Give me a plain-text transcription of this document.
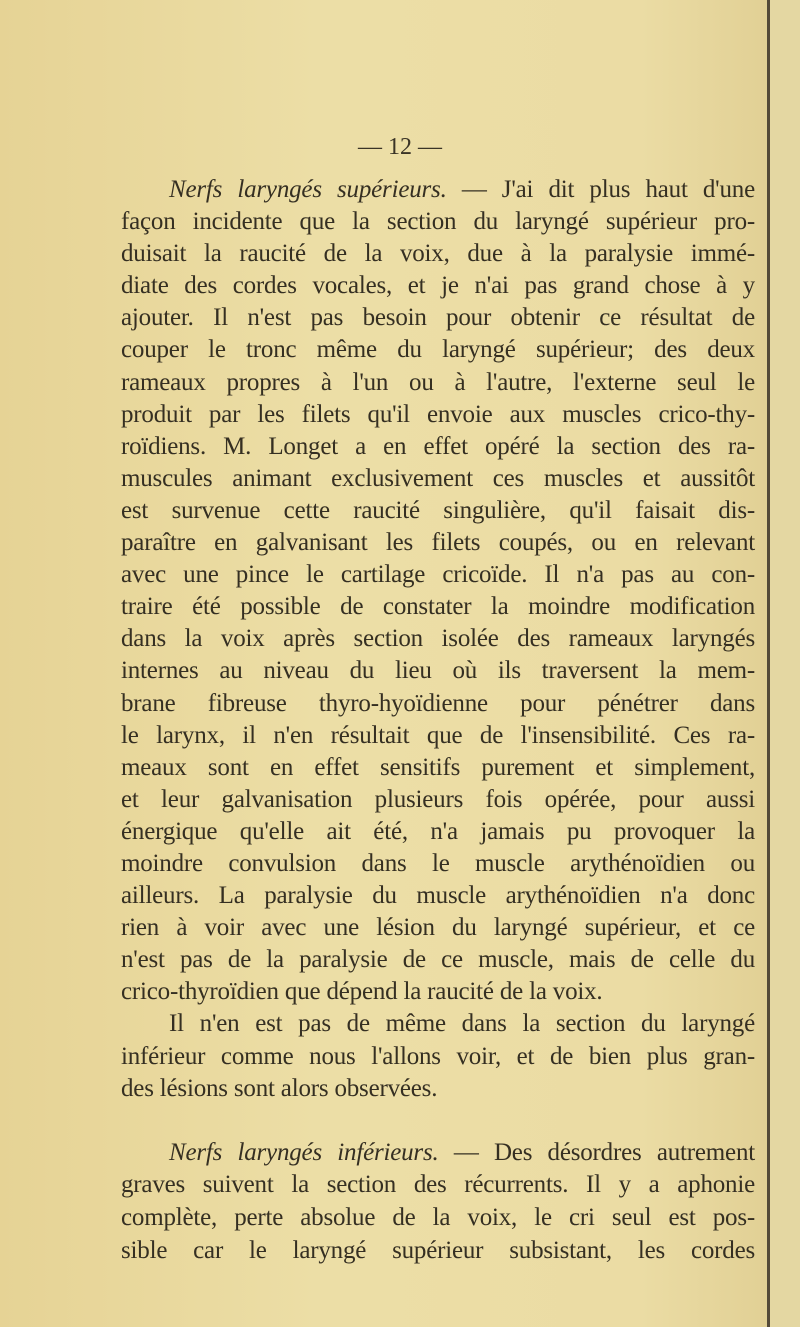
— 12 —
Nerfs laryngés supérieurs. — J'ai dit plus haut d'une
façon incidente que la section du laryngé supérieur pro-
duisait la raucité de la voix, due à la paralysie immé-
diate des cordes vocales, et je n'ai pas grand chose à y
ajouter. Il n'est pas besoin pour obtenir ce résultat de
couper le tronc même du laryngé supérieur; des deux
rameaux propres à l'un ou à l'autre, l'externe seul le
produit par les filets qu'il envoie aux muscles crico-thy-
roïdiens. M. Longet a en effet opéré la section des ra-
muscules animant exclusivement ces muscles et aussitôt
est survenue cette raucité singulière, qu'il faisait dis-
paraître en galvanisant les filets coupés, ou en relevant
avec une pince le cartilage cricoïde. Il n'a pas au con-
traire été possible de constater la moindre modification
dans la voix après section isolée des rameaux laryngés
internes au niveau du lieu où ils traversent la mem-
brane fibreuse thyro-hyoïdienne pour pénétrer dans
le larynx, il n'en résultait que de l'insensibilité. Ces ra-
meaux sont en effet sensitifs purement et simplement,
et leur galvanisation plusieurs fois opérée, pour aussi
énergique qu'elle ait été, n'a jamais pu provoquer la
moindre convulsion dans le muscle arythénoïdien ou
ailleurs. La paralysie du muscle arythénoïdien n'a donc
rien à voir avec une lésion du laryngé supérieur, et ce
n'est pas de la paralysie de ce muscle, mais de celle du
crico-thyroïdien que dépend la raucité de la voix.
Il n'en est pas de même dans la section du laryngé
inférieur comme nous l'allons voir, et de bien plus gran-
des lésions sont alors observées.
Nerfs laryngés inférieurs. — Des désordres autrement
graves suivent la section des récurrents. Il y a aphonie
complète, perte absolue de la voix, le cri seul est pos-
sible car le laryngé supérieur subsistant, les cordes
